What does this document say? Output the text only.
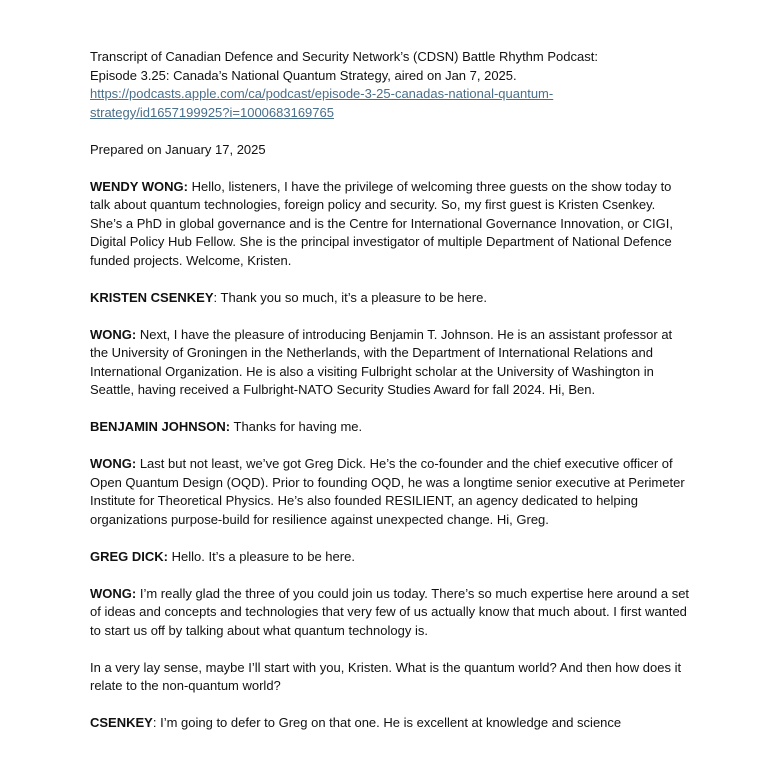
Transcript of Canadian Defence and Security Network’s (CDSN) Battle Rhythm Podcast:
Episode 3.25: Canada’s National Quantum Strategy, aired on Jan 7, 2025.
https://podcasts.apple.com/ca/podcast/episode-3-25-canadas-national-quantum-
strategy/id1657199925?i=1000683169765

Prepared on January 17, 2025

WENDY WONG: Hello, listeners, I have the privilege of welcoming three guests on the show today to talk about quantum technologies, foreign policy and security. So, my first guest is Kristen Csenkey. She’s a PhD in global governance and is the Centre for International Governance Innovation, or CIGI, Digital Policy Hub Fellow. She is the principal investigator of multiple Department of National Defence funded projects. Welcome, Kristen.

KRISTEN CSENKEY: Thank you so much, it’s a pleasure to be here.

WONG: Next, I have the pleasure of introducing Benjamin T. Johnson. He is an assistant professor at the University of Groningen in the Netherlands, with the Department of International Relations and International Organization. He is also a visiting Fulbright scholar at the University of Washington in Seattle, having received a Fulbright-NATO Security Studies Award for fall 2024. Hi, Ben.

BENJAMIN JOHNSON: Thanks for having me.

WONG: Last but not least, we’ve got Greg Dick. He’s the co-founder and the chief executive officer of Open Quantum Design (OQD). Prior to founding OQD, he was a longtime senior executive at Perimeter Institute for Theoretical Physics. He’s also founded RESILIENT, an agency dedicated to helping organizations purpose-build for resilience against unexpected change. Hi, Greg.

GREG DICK: Hello. It’s a pleasure to be here.

WONG: I’m really glad the three of you could join us today. There’s so much expertise here around a set of ideas and concepts and technologies that very few of us actually know that much about. I first wanted to start us off by talking about what quantum technology is.

In a very lay sense, maybe I’ll start with you, Kristen. What is the quantum world? And then how does it relate to the non-quantum world?

CSENKEY: I’m going to defer to Greg on that one. He is excellent at knowledge and science
